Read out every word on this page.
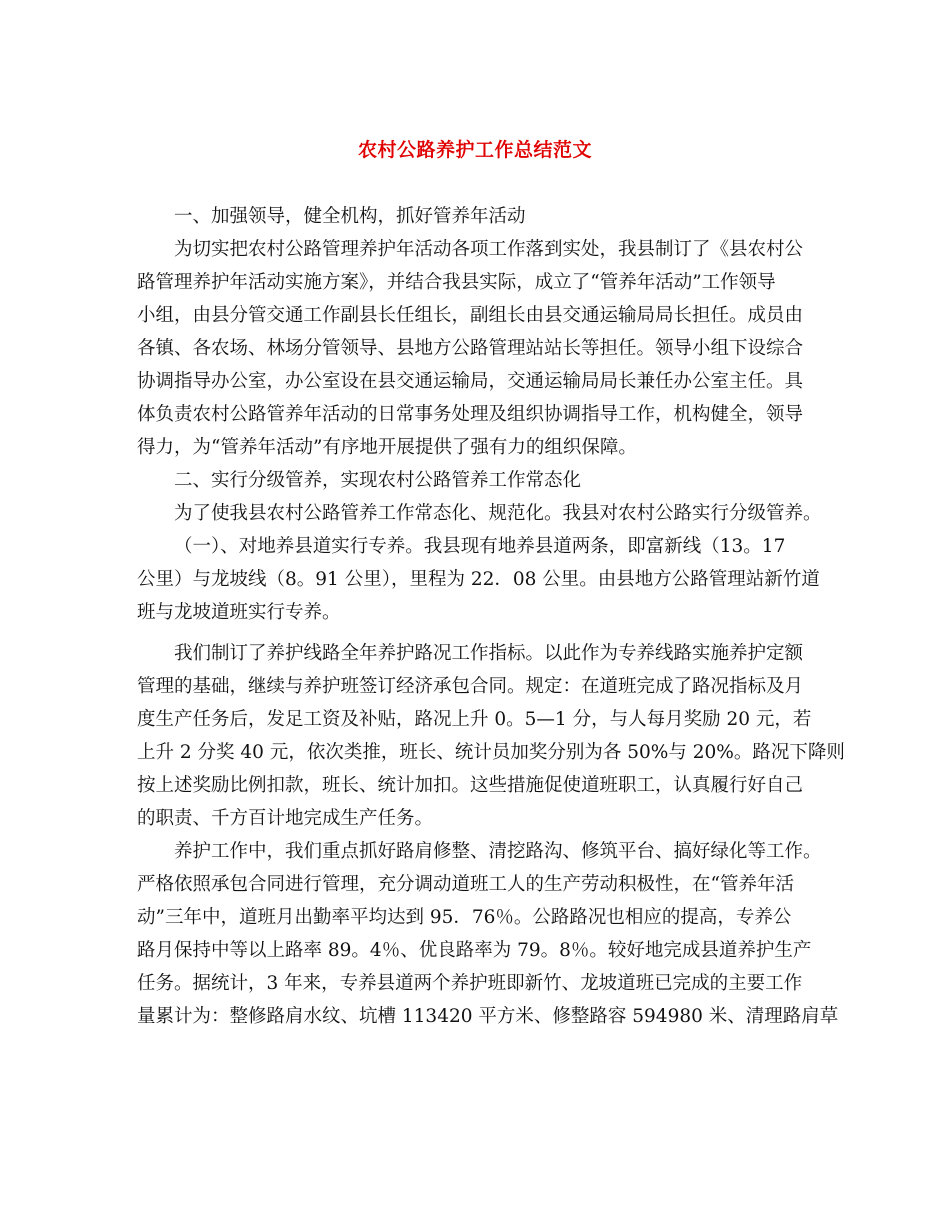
农村公路养护工作总结范文
一、加强领导，健全机构，抓好管养年活动
为切实把农村公路管理养护年活动各项工作落到实处，我县制订了《县农村公
路管理养护年活动实施方案》，并结合我县实际，成立了“管养年活动”工作领导
小组，由县分管交通工作副县长任组长，副组长由县交通运输局局长担任。成员由
各镇、各农场、林场分管领导、县地方公路管理站站长等担任。领导小组下设综合
协调指导办公室，办公室设在县交通运输局，交通运输局局长兼任办公室主任。具
体负责农村公路管养年活动的日常事务处理及组织协调指导工作，机构健全，领导
得力，为“管养年活动”有序地开展提供了强有力的组织保障。
二、实行分级管养，实现农村公路管养工作常态化
为了使我县农村公路管养工作常态化、规范化。我县对农村公路实行分级管养。
（一）、对地养县道实行专养。我县现有地养县道两条，即富新线（13。17
公里）与龙坡线（8。91 公里），里程为 22．08 公里。由县地方公路管理站新竹道
班与龙坡道班实行专养。
我们制订了养护线路全年养护路况工作指标。以此作为专养线路实施养护定额
管理的基础，继续与养护班签订经济承包合同。规定：在道班完成了路况指标及月
度生产任务后，发足工资及补贴，路况上升 0。5—1 分，与人每月奖励 20 元，若
上升 2 分奖 40 元，依次类推，班长、统计员加奖分别为各 50%与 20%。路况下降则
按上述奖励比例扣款，班长、统计加扣。这些措施促使道班职工，认真履行好自己
的职责、千方百计地完成生产任务。
养护工作中，我们重点抓好路肩修整、清挖路沟、修筑平台、搞好绿化等工作。
严格依照承包合同进行管理，充分调动道班工人的生产劳动积极性，在“管养年活
动”三年中，道班月出勤率平均达到 95．76％。公路路况也相应的提高，专养公
路月保持中等以上路率 89。4％、优良路率为 79。8％。较好地完成县道养护生产
任务。据统计，3 年来，专养县道两个养护班即新竹、龙坡道班已完成的主要工作
量累计为：整修路肩水纹、坑槽 113420 平方米、修整路容 594980 米、清理路肩草
